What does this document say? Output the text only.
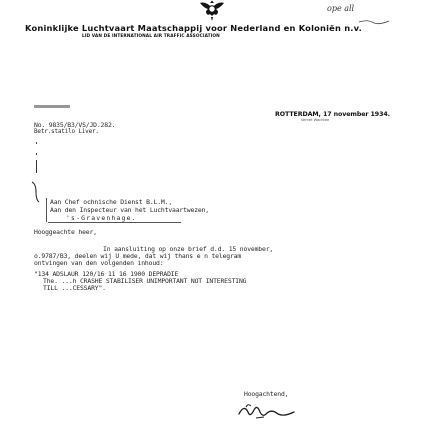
ope all
Koninklijke Luchtvaart Maatschappij voor Nederland en Koloniën n.v.
LID VAN DE INTERNATIONAL AIR TRAFFIC ASSOCIATION
ROTTERDAM, 17 november 1934.
Vemet Wachtee
No. 9835/B3/VS/JD.282.
Betr.statilo Liver.
Aan Chef ochnische Dienst B.L.M.,
Aan den Inspecteur van het Luchtvaartwezen,
's-Gravenhage.
Hooggeachte heer,
In aansluiting op onze brief d.d. 15 november,
o.9787/B3, deelen wij U mede, dat wij thans e n telegram
ontvingen van den volgenden inhoud:
"134 ADSLAUR 120/16 11 16 1900 DEPRADIE
The. ...h CRASHE STABILISER UNIMPORTANT NOT INTERESTING
TILL ...CESSARY".
Hoogachtend,
